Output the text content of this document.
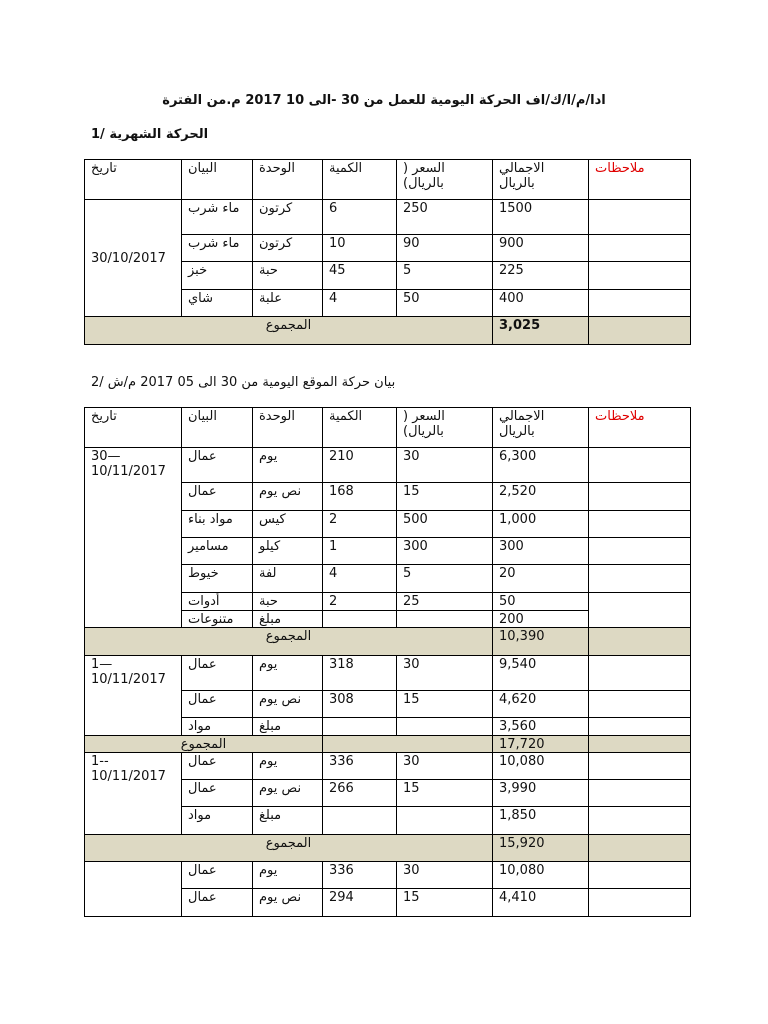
ادا/م/ا/ك/اف الحركة اليومية للعمل من 30 -الى 10 2017 م.من الفترة
1/ الحركة الشهرية
تاريخ	البيان	الوحدة	الكمية	السعر ( بالريال)	الاجمالي بالريال	ملاحظات
30/10/2017	ماء شرب	كرتون	6	250	1500	
	ماء شرب	كرتون	10	90	900	
	خبز	حبة	45	5	225	
	شاي	علبة	4	50	400	
المجموع					3,025	
2/ بيان حركة الموقع اليومية من 30 الى 05 2017 م/ش
تاريخ	البيان	الوحدة	الكمية	السعر ( بالريال)	الاجمالي بالريال	ملاحظات
30—
10/11/2017	عمال	يوم	210	30	6,300	
	عمال	نص يوم	168	15	2,520	
	مواد بناء	كيس	2	500	1,000	
	مسامير	كيلو	1	300	300	
	خيوط	لفة	4	5	20	
	أدوات	حبة	2	25	50	
	متنوعات	مبلغ			200	
المجموع					10,390	
1—
10/11/2017	عمال	يوم	318	30	9,540	
	عمال	نص يوم	308	15	4,620	
	مواد	مبلغ			3,560	
المجموع					17,720	
1--
10/11/2017	عمال	يوم	336	30	10,080	
	عمال	نص يوم	266	15	3,990	
	مواد	مبلغ			1,850	
المجموع					15,920	
	عمال	يوم	336	30	10,080	
	عمال	نص يوم	294	15	4,410	
